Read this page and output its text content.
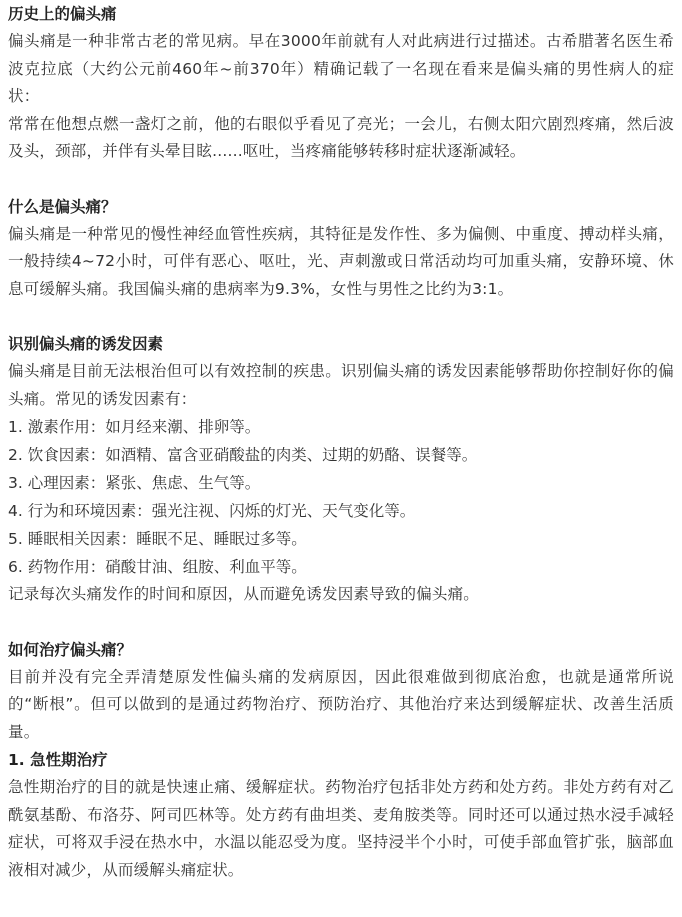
历史上的偏头痛

偏头痛是一种非常古老的常见病。早在3000年前就有人对此病进行过描述。古希腊著名医生希波克拉底（大约公元前460年~前370年）精确记载了一名现在看来是偏头痛的男性病人的症状：

常常在他想点燃一盏灯之前，他的右眼似乎看见了亮光；一会儿，右侧太阳穴剧烈疼痛，然后波及头，颈部，并伴有头晕目眩......呕吐，当疼痛能够转移时症状逐渐减轻。

什么是偏头痛？

偏头痛是一种常见的慢性神经血管性疾病，其特征是发作性、多为偏侧、中重度、搏动样头痛，一般持续4~72小时，可伴有恶心、呕吐，光、声刺激或日常活动均可加重头痛，安静环境、休息可缓解头痛。我国偏头痛的患病率为9.3%，女性与男性之比约为3:1。

识别偏头痛的诱发因素

偏头痛是目前无法根治但可以有效控制的疾患。识别偏头痛的诱发因素能够帮助你控制好你的偏头痛。常见的诱发因素有：

1. 激素作用：如月经来潮、排卵等。

2. 饮食因素：如酒精、富含亚硝酸盐的肉类、过期的奶酪、误餐等。

3. 心理因素：紧张、焦虑、生气等。

4. 行为和环境因素：强光注视、闪烁的灯光、天气变化等。

5. 睡眠相关因素：睡眠不足、睡眠过多等。

6. 药物作用：硝酸甘油、组胺、利血平等。

记录每次头痛发作的时间和原因，从而避免诱发因素导致的偏头痛。

如何治疗偏头痛？

目前并没有完全弄清楚原发性偏头痛的发病原因，因此很难做到彻底治愈，也就是通常所说的“断根”。但可以做到的是通过药物治疗、预防治疗、其他治疗来达到缓解症状、改善生活质量。

1. 急性期治疗

急性期治疗的目的就是快速止痛、缓解症状。药物治疗包括非处方药和处方药。非处方药有对乙酰氨基酚、布洛芬、阿司匹林等。处方药有曲坦类、麦角胺类等。同时还可以通过热水浸手减轻症状，可将双手浸在热水中，水温以能忍受为度。坚持浸半个小时，可使手部血管扩张，脑部血液相对减少，从而缓解头痛症状。
